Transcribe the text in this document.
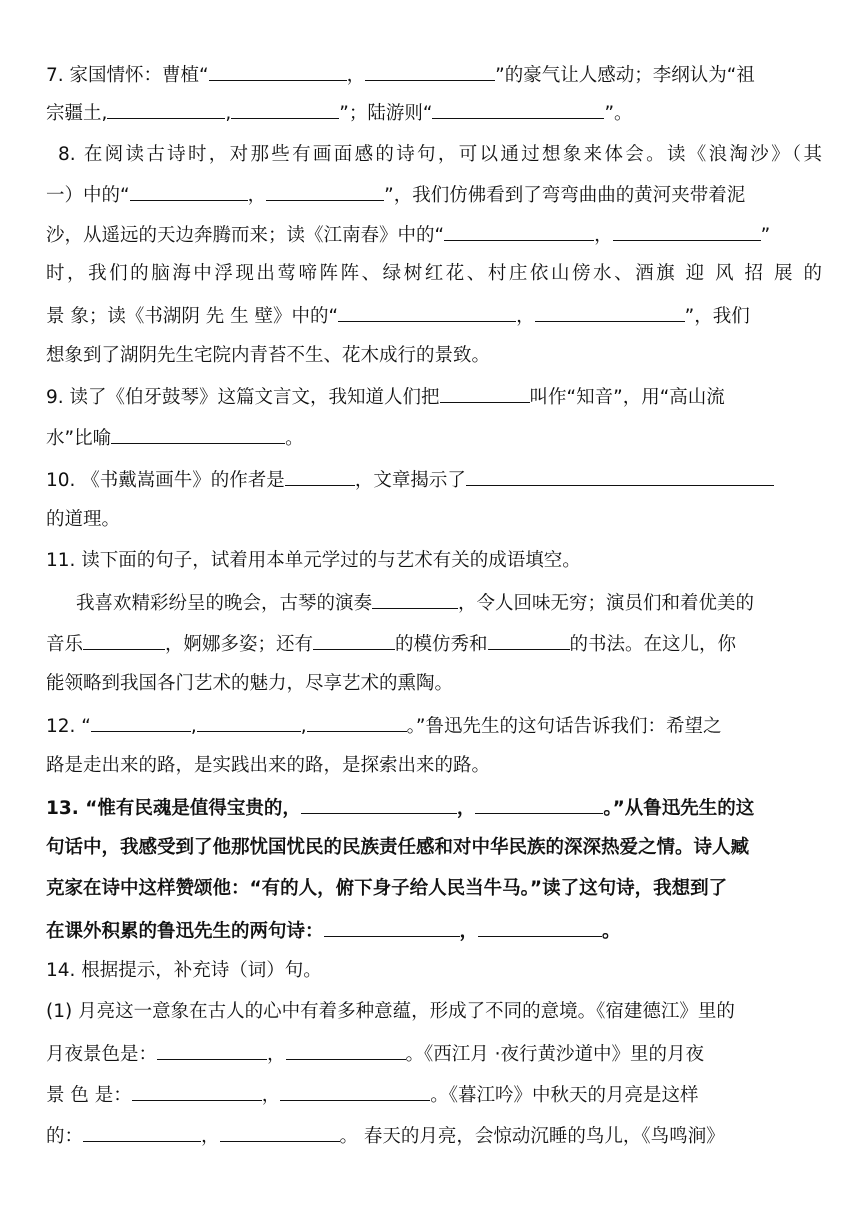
7. 家国情怀：曹植“	，	”的豪气让人感动；李纲认为“祖
宗疆土,	,	”；陆游则“	”。
8. 在阅读古诗时，对那些有画面感的诗句，可以通过想象来体会。读《浪淘沙》（其
一）中的“	，	”，我们仿佛看到了弯弯曲曲的黄河夹带着泥
沙，从遥远的天边奔腾而来；读《江南春》中的“	，	”
时，我们的脑海中浮现出莺啼阵阵、绿树红花、村庄依山傍水、酒旗 迎 风 招 展 的
景 象；读《书湖阴 先 生 壁》中的“	，	”，我们
想象到了湖阴先生宅院内青苔不生、花木成行的景致。
9. 读了《伯牙鼓琴》这篇文言文，我知道人们把	叫作“知音”，用“高山流
水”比喻	。
10. 《书戴嵩画牛》的作者是	，文章揭示了
的道理。
11. 读下面的句子，试着用本单元学过的与艺术有关的成语填空。
我喜欢精彩纷呈的晚会，古琴的演奏	，令人回味无穷；演员们和着优美的
音乐	，婀娜多姿；还有	的模仿秀和	的书法。在这儿，你
能领略到我国各门艺术的魅力，尽享艺术的熏陶。
12. “	,	,	。”鲁迅先生的这句话告诉我们：希望之
路是走出来的路，是实践出来的路，是探索出来的路。
13. “惟有民魂是值得宝贵的，	，	。”从鲁迅先生的这
句话中，我感受到了他那忧国忧民的民族责任感和对中华民族的深深热爱之情。诗人臧
克家在诗中这样赞颂他：“有的人，俯下身子给人民当牛马。”读了这句诗，我想到了
在课外积累的鲁迅先生的两句诗：	，	。
14. 根据提示，补充诗（词）句。
(1) 月亮这一意象在古人的心中有着多种意蕴，形成了不同的意境。《宿建德江》里的
月夜景色是：	，	。《西江月 ·夜行黄沙道中》里的月夜
景 色 是：	，	。《暮江吟》中秋天的月亮是这样
的：	，	。 春天的月亮，会惊动沉睡的鸟儿，《鸟鸣涧》
